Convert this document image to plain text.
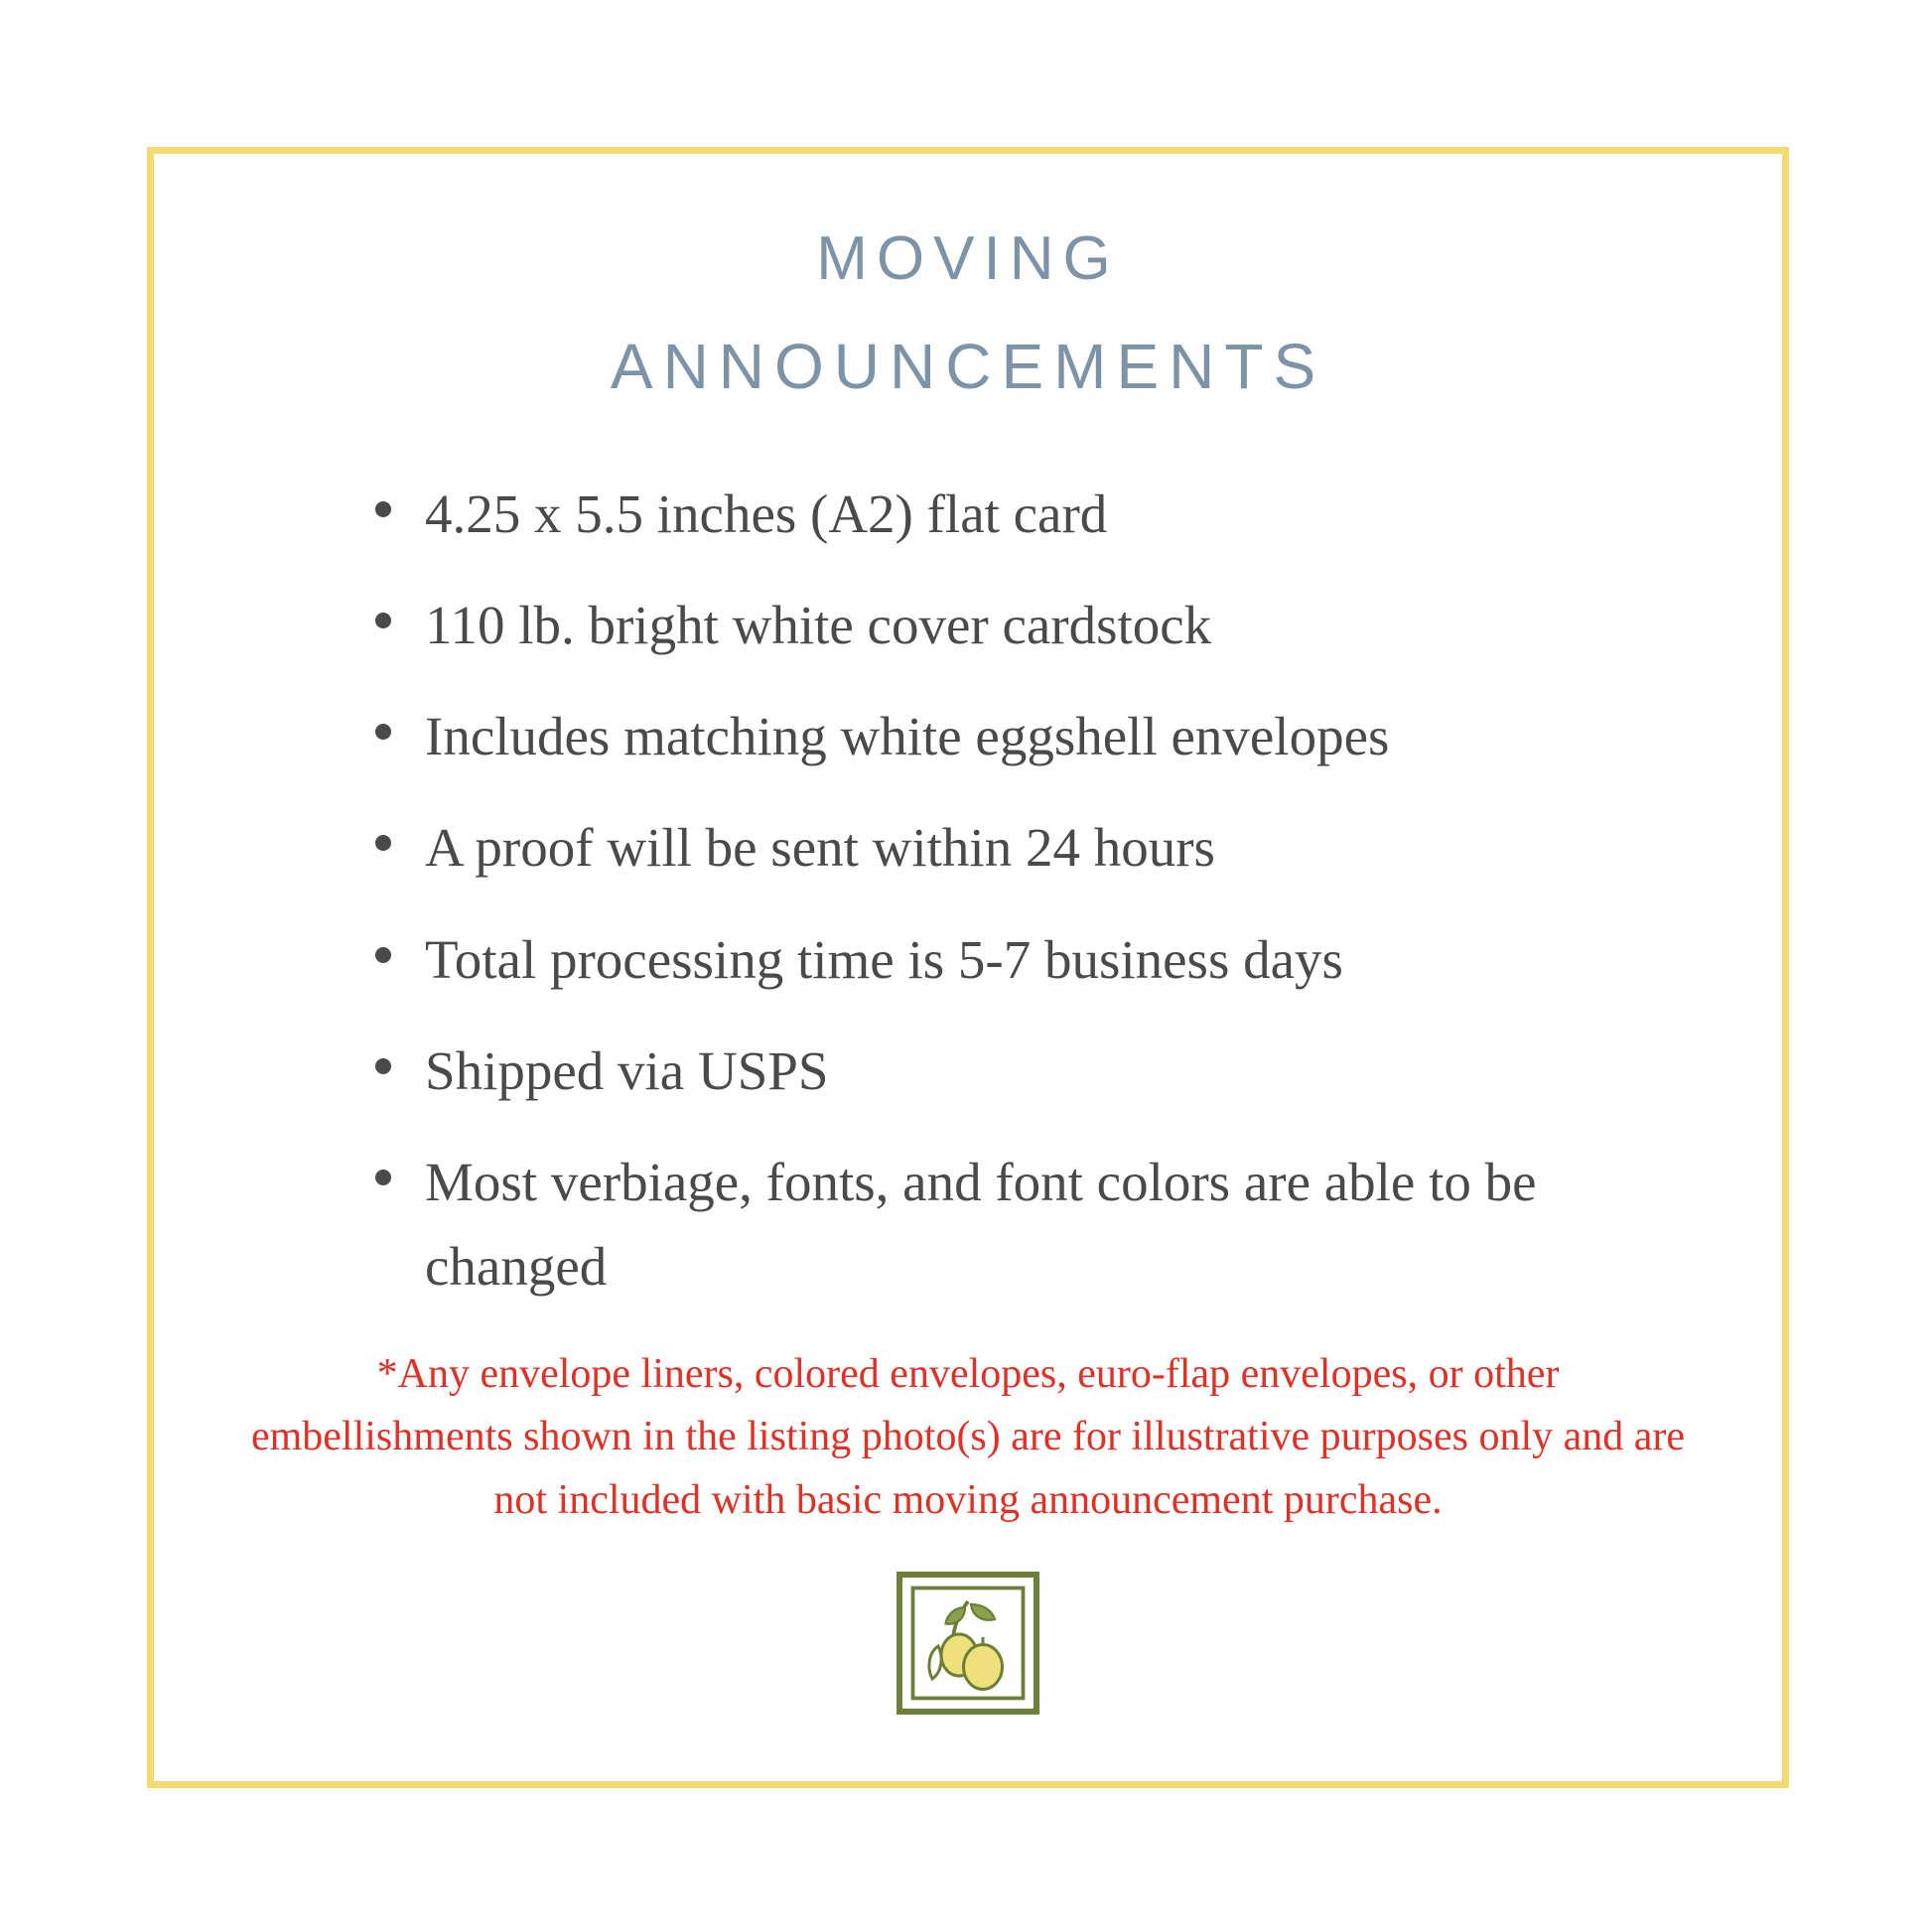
moving
announcements
4.25 x 5.5 inches (A2) flat card
110 lb. bright white cover cardstock
Includes matching white eggshell envelopes
A proof will be sent within 24 hours
Total processing time is 5-7 business days
Shipped via USPS
Most verbiage, fonts, and font colors are able to be changed
*Any envelope liners, colored envelopes, euro-flap envelopes, or other embellishments shown in the listing photo(s) are for illustrative purposes only and are not included with basic moving announcement purchase.
